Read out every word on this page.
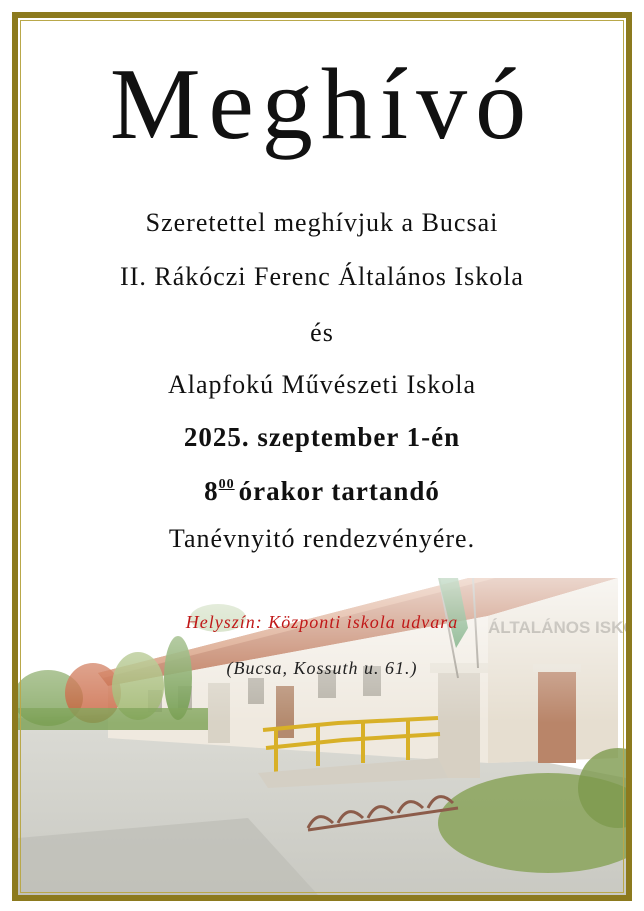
Meghívó
Szeretettel meghívjuk a Bucsai
II. Rákóczi Ferenc Általános Iskola
és
Alapfokú Művészeti Iskola
2025. szeptember 1-én
$8^{00}$ órakor tartandó
Tanévnyitó rendezvényére.
Helyszín: Központi iskola udvara
(Bucsa, Kossuth u. 61.)
